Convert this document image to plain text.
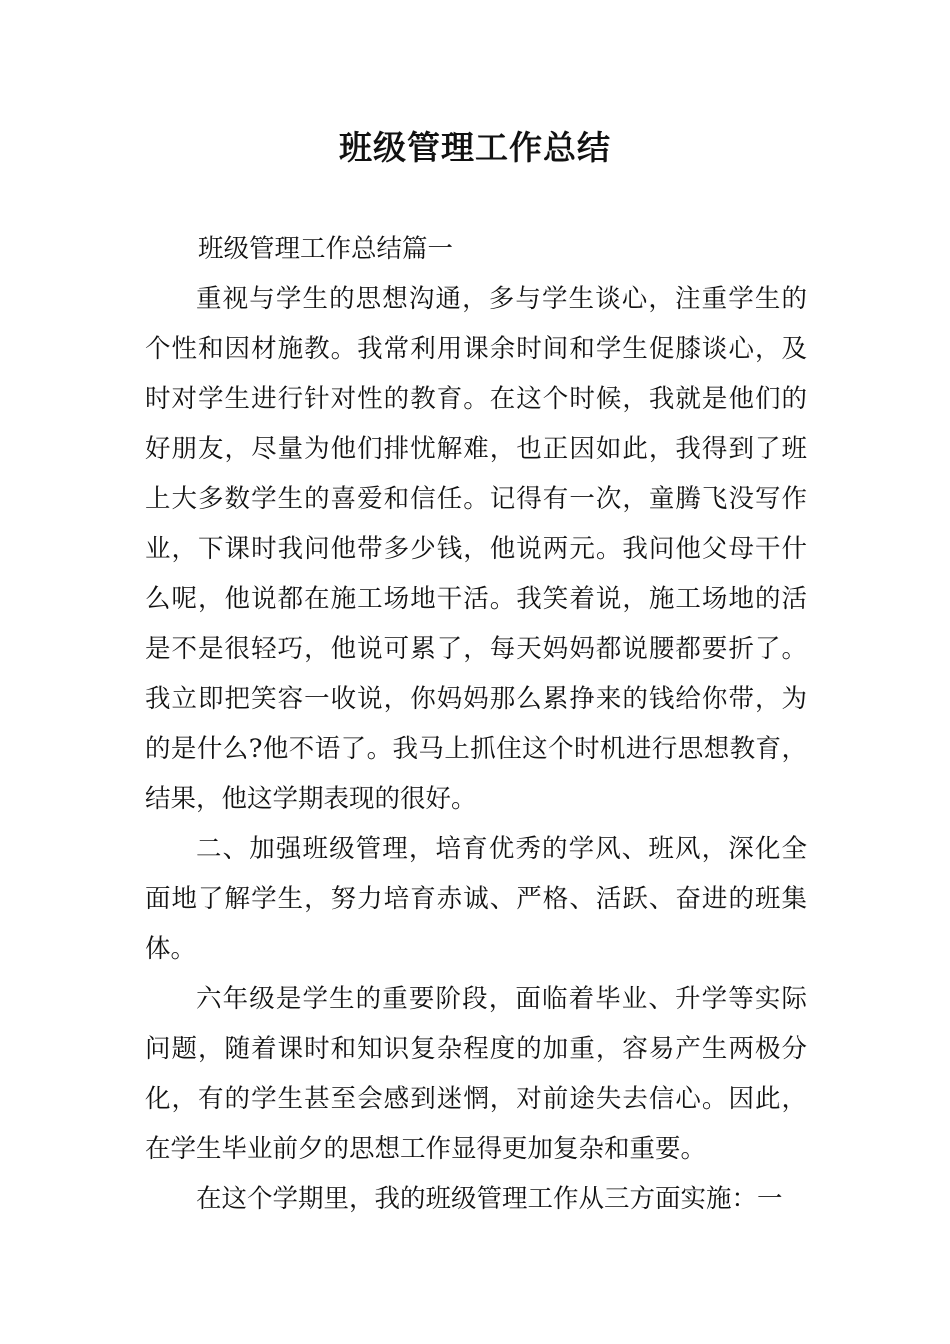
班级管理工作总结

班级管理工作总结篇一

重视与学生的思想沟通，多与学生谈心，注重学生的个性和因材施教。我常利用课余时间和学生促膝谈心，及时对学生进行针对性的教育。在这个时候，我就是他们的好朋友，尽量为他们排忧解难，也正因如此，我得到了班上大多数学生的喜爱和信任。记得有一次，童腾飞没写作业，下课时我问他带多少钱，他说两元。我问他父母干什么呢，他说都在施工场地干活。我笑着说，施工场地的活是不是很轻巧，他说可累了，每天妈妈都说腰都要折了。我立即把笑容一收说，你妈妈那么累挣来的钱给你带，为的是什么?他不语了。我马上抓住这个时机进行思想教育，结果，他这学期表现的很好。

二、加强班级管理，培育优秀的学风、班风，深化全面地了解学生，努力培育赤诚、严格、活跃、奋进的班集体。

六年级是学生的重要阶段，面临着毕业、升学等实际问题，随着课时和知识复杂程度的加重，容易产生两极分化，有的学生甚至会感到迷惘，对前途失去信心。因此，在学生毕业前夕的思想工作显得更加复杂和重要。

在这个学期里，我的班级管理工作从三方面实施：一
